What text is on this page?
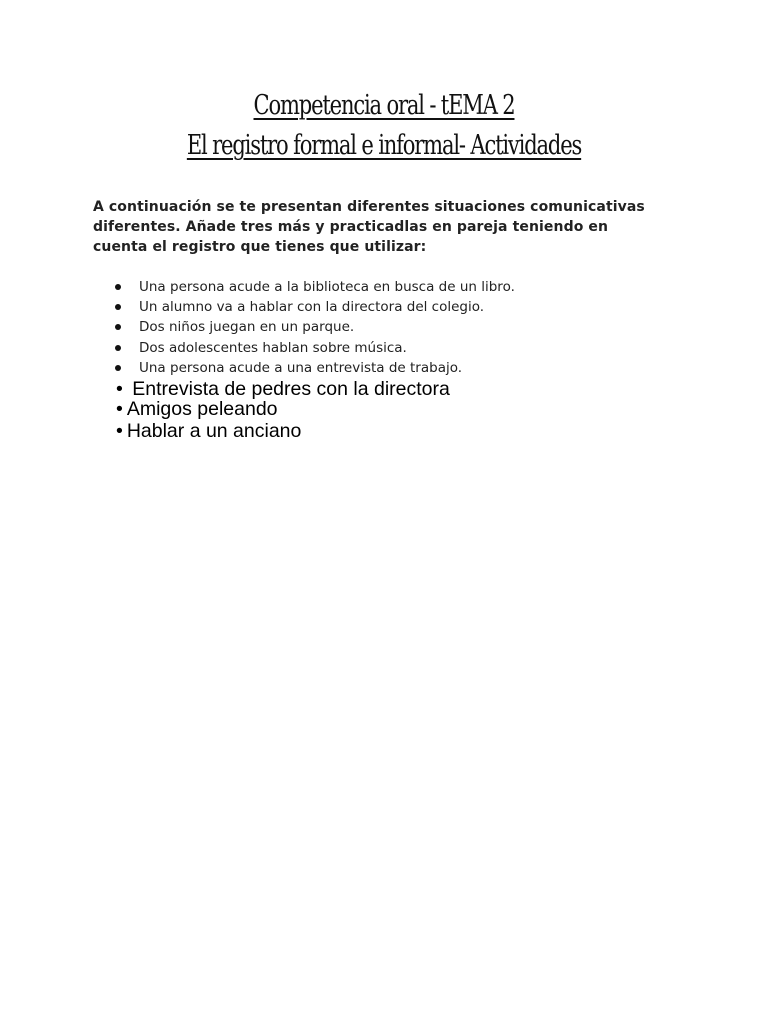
Competencia oral - tEMA 2
El registro formal e informal- Actividades
A continuación se te presentan diferentes situaciones comunicativas
diferentes. Añade tres más y practicadlas en pareja teniendo en
cuenta el registro que tienes que utilizar:
Una persona acude a la biblioteca en busca de un libro.
Un alumno va a hablar con la directora del colegio.
Dos niños juegan en un parque.
Dos adolescentes hablan sobre música.
Una persona acude a una entrevista de trabajo.

• Entrevista de pedres con la directora

• Amigos peleando

• Hablar a un anciano
